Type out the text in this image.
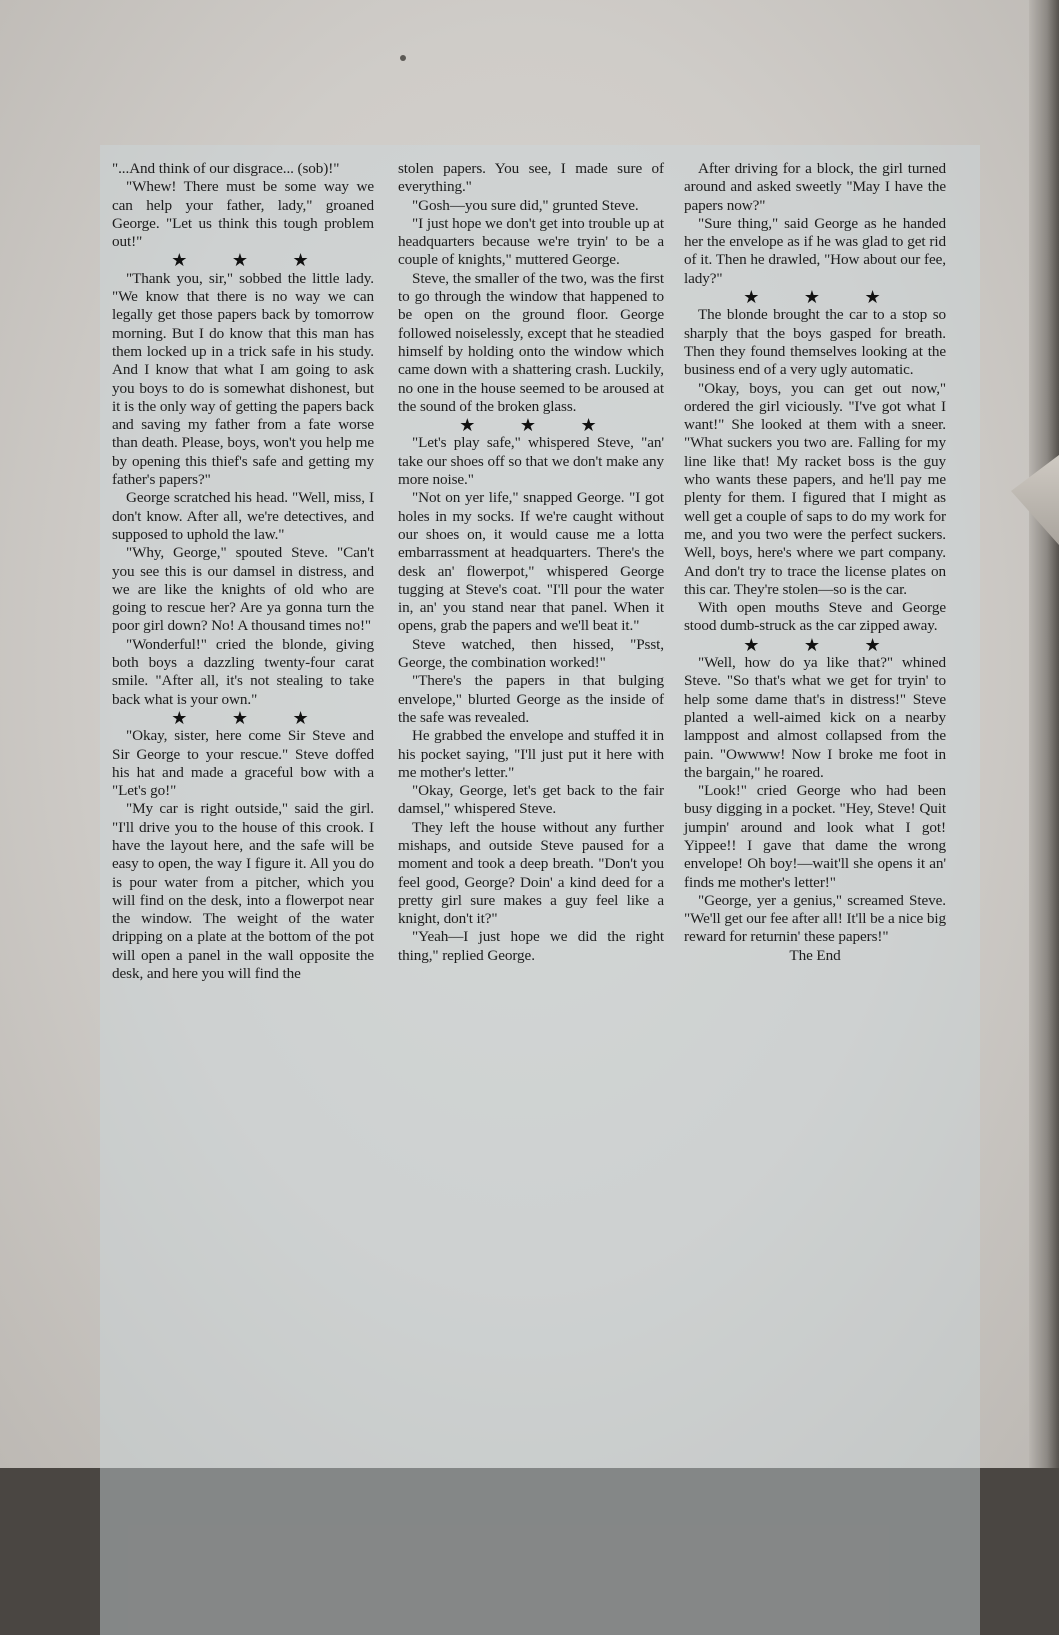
"...And think of our disgrace... (sob)!"

"Whew! There must be some way we can help your father, lady," groaned George. "Let us think this tough problem out!"

★ ★ ★

"Thank you, sir," sobbed the little lady. "We know that there is no way we can legally get those papers back by tomorrow morning. But I do know that this man has them locked up in a trick safe in his study. And I know that what I am going to ask you boys to do is somewhat dishonest, but it is the only way of getting the papers back and saving my father from a fate worse than death. Please, boys, won't you help me by opening this thief's safe and getting my father's papers?"

George scratched his head. "Well, miss, I don't know. After all, we're detectives, and supposed to uphold the law."

"Why, George," spouted Steve. "Can't you see this is our damsel in distress, and we are like the knights of old who are going to rescue her? Are ya gonna turn the poor girl down? No! A thousand times no!"

"Wonderful!" cried the blonde, giving both boys a dazzling twenty-four carat smile. "After all, it's not stealing to take back what is your own."

★ ★ ★

"Okay, sister, here come Sir Steve and Sir George to your rescue." Steve doffed his hat and made a graceful bow with a "Let's go!"

"My car is right outside," said the girl. "I'll drive you to the house of this crook. I have the layout here, and the safe will be easy to open, the way I figure it. All you do is pour water from a pitcher, which you will find on the desk, into a flowerpot near the window. The weight of the water dripping on a plate at the bottom of the pot will open a panel in the wall opposite the desk, and here you will find the

stolen papers. You see, I made sure of everything."

"Gosh—you sure did," grunted Steve.

"I just hope we don't get into trouble up at headquarters because we're tryin' to be a couple of knights," muttered George.

Steve, the smaller of the two, was the first to go through the window that happened to be open on the ground floor. George followed noiselessly, except that he steadied himself by holding onto the window which came down with a shattering crash. Luckily, no one in the house seemed to be aroused at the sound of the broken glass.

★ ★ ★

"Let's play safe," whispered Steve, "an' take our shoes off so that we don't make any more noise."

"Not on yer life," snapped George. "I got holes in my socks. If we're caught without our shoes on, it would cause me a lotta embarrassment at headquarters. There's the desk an' flowerpot," whispered George tugging at Steve's coat. "I'll pour the water in, an' you stand near that panel. When it opens, grab the papers and we'll beat it."

Steve watched, then hissed, "Psst, George, the combination worked!"

"There's the papers in that bulging envelope," blurted George as the inside of the safe was revealed.

He grabbed the envelope and stuffed it in his pocket saying, "I'll just put it here with me mother's letter."

"Okay, George, let's get back to the fair damsel," whispered Steve.

They left the house without any further mishaps, and outside Steve paused for a moment and took a deep breath. "Don't you feel good, George? Doin' a kind deed for a pretty girl sure makes a guy feel like a knight, don't it?"

"Yeah—I just hope we did the right thing," replied George.

After driving for a block, the girl turned around and asked sweetly "May I have the papers now?"

"Sure thing," said George as he handed her the envelope as if he was glad to get rid of it. Then he drawled, "How about our fee, lady?"

★ ★ ★

The blonde brought the car to a stop so sharply that the boys gasped for breath. Then they found themselves looking at the business end of a very ugly automatic.

"Okay, boys, you can get out now," ordered the girl viciously. "I've got what I want!" She looked at them with a sneer. "What suckers you two are. Falling for my line like that! My racket boss is the guy who wants these papers, and he'll pay me plenty for them. I figured that I might as well get a couple of saps to do my work for me, and you two were the perfect suckers. Well, boys, here's where we part company. And don't try to trace the license plates on this car. They're stolen—so is the car.

With open mouths Steve and George stood dumb-struck as the car zipped away.

★ ★ ★

"Well, how do ya like that?" whined Steve. "So that's what we get for tryin' to help some dame that's in distress!" Steve planted a well-aimed kick on a nearby lamppost and almost collapsed from the pain. "Owwww! Now I broke me foot in the bargain," he roared.

"Look!" cried George who had been busy digging in a pocket. "Hey, Steve! Quit jumpin' around and look what I got! Yippee!! I gave that dame the wrong envelope! Oh boy!—wait'll she opens it an' finds me mother's letter!"

"George, yer a genius," screamed Steve. "We'll get our fee after all! It'll be a nice big reward for returnin' these papers!"

The End
